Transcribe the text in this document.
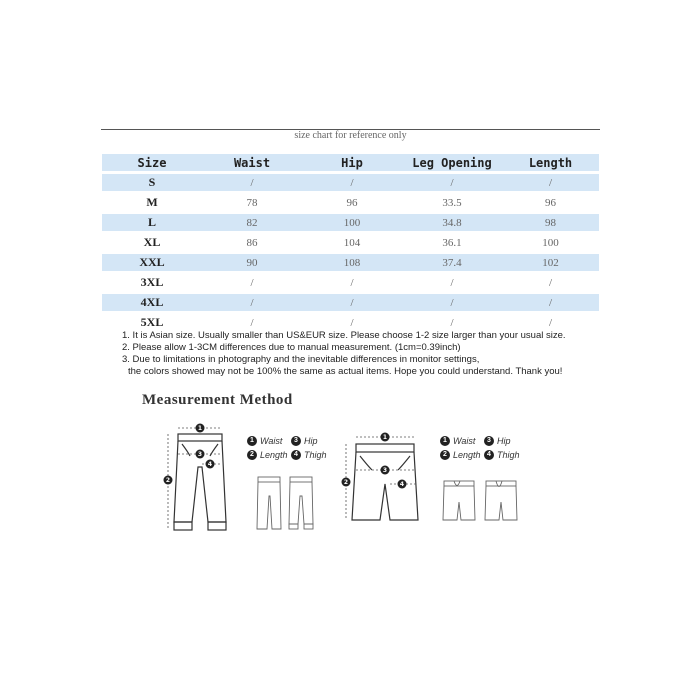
size chart for reference only
Size	Waist	Hip	Leg Opening	Length
S	/	/	/	/
M	78	96	33.5	96
L	82	100	34.8	98
XL	86	104	36.1	100
XXL	90	108	37.4	102
3XL	/	/	/	/
4XL	/	/	/	/
5XL	/	/	/	/
1. It is Asian size. Usually smaller than US&EUR size. Please choose 1-2 size larger than your usual size.
2. Please allow 1-3CM differences due to manual measurement. (1cm=0.39inch)
3. Due to limitations in photography and the inevitable differences in monitor settings,
the colors showed may not be 100% the same as actual items. Hope you could understand. Thank you!
Measurement Method
1
2
3
4
1 Waist	3 Hip
2 Length 4 Thigh
1
2
3
4
1 Waist	3 Hip
2 Length 4 Thigh
